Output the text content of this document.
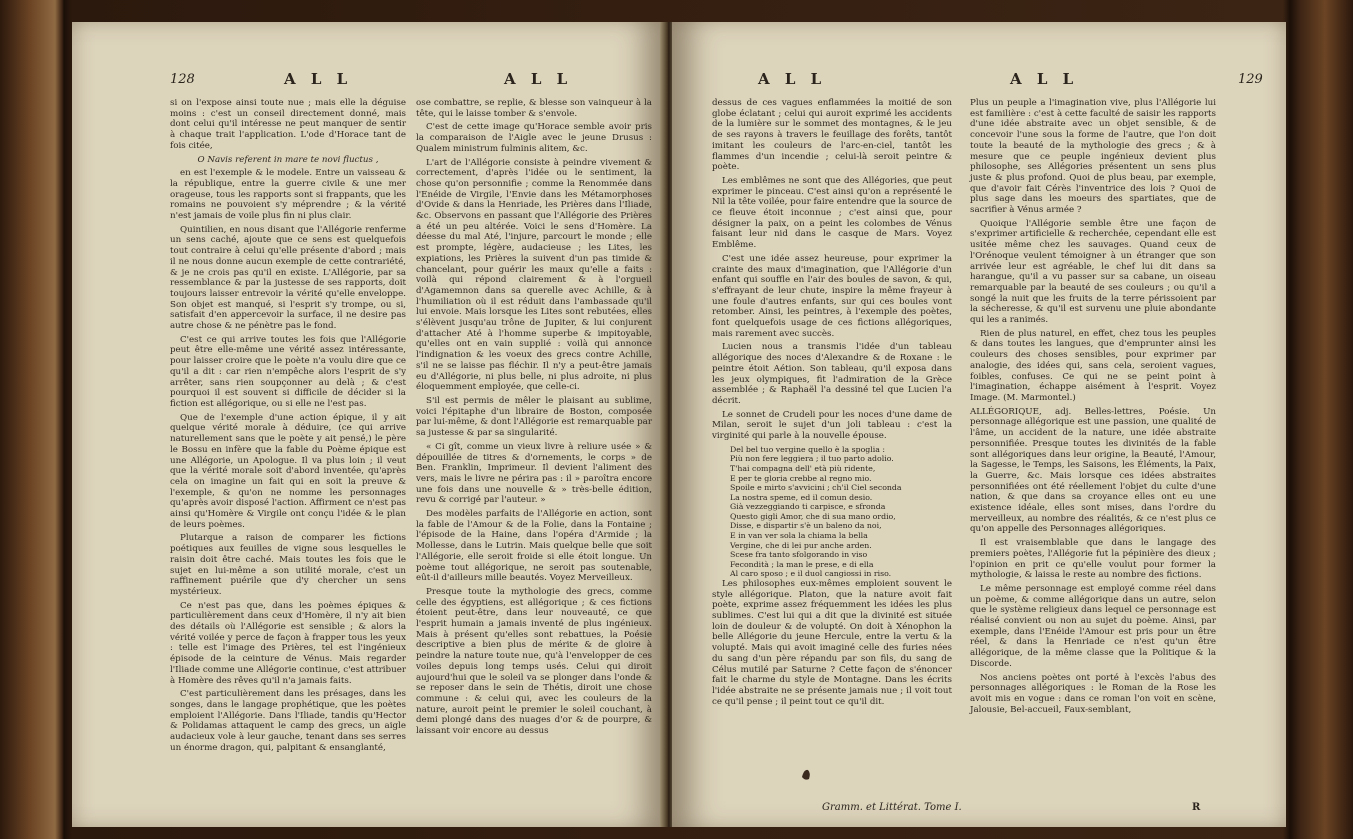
128	A L L	A L L

si on l'expose ainsi toute nue ; mais elle la déguise moins : c'est un conseil directement donné, mais dont celui qu'il intéresse ne peut manquer de sentir à chaque trait l'application. L'ode d'Horace tant de fois citée,

O Navis referent in mare te novi fluctus ,

en est l'exemple & le modele. Entre un vaisseau & la république, entre la guerre civile & une mer orageuse, tous les rapports sont si frappants, que les romains ne pouvoient s'y méprendre ; & la vérité n'est jamais de voile plus fin ni plus clair.

Quintilien, en nous disant que l'Allégorie renferme un sens caché, ajoute que ce sens est quelquefois tout contraire à celui qu'elle présente d'abord ; mais il ne nous donne aucun exemple de cette contrariété, & je ne crois pas qu'il en existe. L'Allégorie, par sa ressemblance & par la justesse de ses rapports, doit toujours laisser entrevoir la vérité qu'elle enveloppe. Son objet est manqué, si l'esprit s'y trompe, ou si, satisfait d'en appercevoir la surface, il ne desire pas autre chose & ne pénètre pas le fond.

C'est ce qui arrive toutes les fois que l'Allégorie peut être elle-même une vérité assez intéressante, pour laisser croire que le poète n'a voulu dire que ce qu'il a dit : car rien n'empêche alors l'esprit de s'y arrêter, sans rien soupçonner au delà ; & c'est pourquoi il est souvent si difficile de décider si la fiction est allégorique, ou si elle ne l'est pas.

Que de l'exemple d'une action épique, il y ait quelque vérité morale à déduire, (ce qui arrive naturellement sans que le poète y ait pensé,) le père le Bossu en infère que la fable du Poème épique est une Allégorie, un Apologue. Il va plus loin ; il veut que la vérité morale soit d'abord inventée, qu'après cela on imagine un fait qui en soit la preuve & l'exemple, & qu'on ne nomme les personnages qu'après avoir disposé l'action. Affirment ce n'est pas ainsi qu'Homère & Virgile ont conçu l'idée & le plan de leurs poèmes.

Plutarque a raison de comparer les fictions poétiques aux feuilles de vigne sous lesquelles le raisin doit être caché. Mais toutes les fois que le sujet en lui-même a son utilité morale, c'est un raffinement puérile que d'y chercher un sens mystérieux.

Ce n'est pas que, dans les poèmes épiques & particulièrement dans ceux d'Homère, il n'y ait bien des détails où l'Allégorie est sensible ; & alors la vérité voilée y perce de façon à frapper tous les yeux : telle est l'image des Prières, tel est l'ingénieux épisode de la ceinture de Vénus. Mais regarder l'Iliade comme une Allégorie continue, c'est attribuer à Homère des rêves qu'il n'a jamais faits.

C'est particulièrement dans les présages, dans les songes, dans le langage prophétique, que les poètes emploient l'Allégorie. Dans l'Iliade, tandis qu'Hector & Polidamas attaquent le camp des grecs, un aigle audacieux vole à leur gauche, tenant dans ses serres un énorme dragon, qui, palpitant & ensanglanté,

ose combattre, se replie, & blesse son vainqueur à la tête, qui le laisse tomber & s'envole.

C'est de cette image qu'Horace semble avoir pris la comparaison de l'Aigle avec le jeune Drusus : Qualem ministrum fulminis alitem, &c.

L'art de l'Allégorie consiste à peindre vivement & correctement, d'après l'idée ou le sentiment, la chose qu'on personnifie ; comme la Renommée dans l'Enéide de Virgile, l'Envie dans les Métamorphoses d'Ovide & dans la Henriade, les Prières dans l'Iliade, &c. Observons en passant que l'Allégorie des Prières a été un peu altérée. Voici le sens d'Homère. La déesse du mal Até, l'injure, parcourt le monde ; elle est prompte, légère, audacieuse ; les Lites, les expiations, les Prières la suivent d'un pas timide & chancelant, pour guérir les maux qu'elle a faits : voilà qui répond clairement & à l'orgueil d'Agamemnon dans sa querelle avec Achille, & à l'humiliation où il est réduit dans l'ambassade qu'il lui envoie. Mais lorsque les Lites sont rebutées, elles s'élèvent jusqu'au trône de Jupiter, & lui conjurent d'attacher Até à l'homme superbe & impitoyable, qu'elles ont en vain supplié : voilà qui annonce l'indignation & les voeux des grecs contre Achille, s'il ne se laisse pas fléchir. Il n'y a peut-être jamais eu d'Allégorie, ni plus belle, ni plus adroite, ni plus éloquemment employée, que celle-ci.

S'il est permis de mêler le plaisant au sublime, voici l'épitaphe d'un libraire de Boston, composée par lui-même, & dont l'Allégorie est remarquable par sa justesse & par sa singularité.

« Ci gît, comme un vieux livre à reliure usée » & dépouillée de titres & d'ornements, le corps » de Ben. Franklin, Imprimeur. Il devient l'aliment des vers, mais le livre ne périra pas : il » paroîtra encore une fois dans une nouvelle & » très-belle édition, revu & corrigé par l'auteur. »

Des modèles parfaits de l'Allégorie en action, sont la fable de l'Amour & de la Folie, dans la Fontaine ; l'épisode de la Haine, dans l'opéra d'Armide ; la Mollesse, dans le Lutrin. Mais quelque belle que soit l'Allégorie, elle seroit froide si elle étoit longue. Un poème tout allégorique, ne seroit pas soutenable, eût-il d'ailleurs mille beautés. Voyez Merveilleux.

Presque toute la mythologie des grecs, comme celle des égyptiens, est allégorique ; & ces fictions étoient peut-être, dans leur nouveauté, ce que l'esprit humain a jamais inventé de plus ingénieux. Mais à présent qu'elles sont rebattues, la Poésie descriptive a bien plus de mérite & de gloire à peindre la nature toute nue, qu'à l'envelopper de ces voiles depuis long temps usés. Celui qui diroit aujourd'hui que le soleil va se plonger dans l'onde & se reposer dans le sein de Thétis, diroit une chose commune : & celui qui, avec les couleurs de la nature, auroit peint le premier le soleil couchant, à demi plongé dans des nuages d'or & de pourpre, & laissant voir encore au dessus

A L L	A L L	129

dessus de ces vagues enflammées la moitié de son globe éclatant ; celui qui auroit exprimé les accidents de la lumière sur le sommet des montagnes, & le jeu de ses rayons à travers le feuillage des forêts, tantôt imitant les couleurs de l'arc-en-ciel, tantôt les flammes d'un incendie ; celui-là seroit peintre & poète.

Les emblêmes ne sont que des Allégories, que peut exprimer le pinceau. C'est ainsi qu'on a représenté le Nil la tête voilée, pour faire entendre que la source de ce fleuve étoit inconnue ; c'est ainsi que, pour désigner la paix, on a peint les colombes de Vénus faisant leur nid dans le casque de Mars. Voyez Emblême.

C'est une idée assez heureuse, pour exprimer la crainte des maux d'imagination, que l'Allégorie d'un enfant qui souffle en l'air des boules de savon, & qui, s'effrayant de leur chute, inspire la même frayeur à une foule d'autres enfants, sur qui ces boules vont retomber. Ainsi, les peintres, à l'exemple des poètes, font quelquefois usage de ces fictions allégoriques, mais rarement avec succès.

Lucien nous a transmis l'idée d'un tableau allégorique des noces d'Alexandre & de Roxane : le peintre étoit Aétion. Son tableau, qu'il exposa dans les jeux olympiques, fit l'admiration de la Grèce assemblée ; & Raphaël l'a dessiné tel que Lucien l'a décrit.

Le sonnet de Crudeli pour les noces d'une dame de Milan, seroit le sujet d'un joli tableau : c'est la virginité qui parle à la nouvelle épouse.

Del bel tuo vergine quello è la spoglia :
Più non fere leggiera ; il tuo parto adolio.
T'hai compagna dell' età più ridente,
E per te gloria crebbe al regno mio.
Spoile e mirto s'avvicini ; ch'il Ciel seconda
La nostra speme, ed il comun desio.
Già vezzeggiando ti carpisce, e sfronda
Questo gigli Amor, che di sua mano ordio,
Disse, e dispartir s'è un baleno da noi,
E in van ver sola la chiama la bella
Vergine, che di lei pur anche arden.
Scese fra tanto sfolgorando in viso
Fecondità ; la man le prese, e di ella
Al caro sposo ; e il duol cangiossi in riso.

Les philosophes eux-mêmes emploient souvent le style allégorique. Platon, que la nature avoit fait poète, exprime assez fréquemment les idées les plus sublimes. C'est lui qui a dit que la divinité est située loin de douleur & de volupté. On doit à Xénophon la belle Allégorie du jeune Hercule, entre la vertu & la volupté. Mais qui avoit imaginé celle des furies nées du sang d'un père répandu par son fils, du sang de Célus mutilé par Saturne ? Cette façon de s'énoncer fait le charme du style de Montagne. Dans les écrits l'idée abstraite ne se présente jamais nue ; il voit tout ce qu'il pense ; il peint tout ce qu'il dit.

Plus un peuple a l'imagination vive, plus l'Allégorie lui est familière : c'est à cette faculté de saisir les rapports d'une idée abstraite avec un objet sensible, & de concevoir l'une sous la forme de l'autre, que l'on doit toute la beauté de la mythologie des grecs ; & à mesure que ce peuple ingénieux devient plus philosophe, ses Allégories présentent un sens plus juste & plus profond. Quoi de plus beau, par exemple, que d'avoir fait Cérès l'inventrice des lois ? Quoi de plus sage dans les moeurs des spartiates, que de sacrifier à Vénus armée ?

Quoique l'Allégorie semble être une façon de s'exprimer artificielle & recherchée, cependant elle est usitée même chez les sauvages. Quand ceux de l'Orénoque veulent témoigner à un étranger que son arrivée leur est agréable, le chef lui dit dans sa harangue, qu'il a vu passer sur sa cabane, un oiseau remarquable par la beauté de ses couleurs ; ou qu'il a songé la nuit que les fruits de la terre périssoient par la sécheresse, & qu'il est survenu une pluie abondante qui les a ranimés.

Rien de plus naturel, en effet, chez tous les peuples & dans toutes les langues, que d'emprunter ainsi les couleurs des choses sensibles, pour exprimer par analogie, des idées qui, sans cela, seroient vagues, foibles, confuses. Ce qui ne se peint point à l'imagination, échappe aisément à l'esprit. Voyez Image. (M. Marmontel.)

ALLÉGORIQUE, adj. Belles-lettres, Poésie. Un personnage allégorique est une passion, une qualité de l'âme, un accident de la nature, une idée abstraite personnifiée. Presque toutes les divinités de la fable sont allégoriques dans leur origine, la Beauté, l'Amour, la Sagesse, le Temps, les Saisons, les Éléments, la Paix, la Guerre, &c. Mais lorsque ces idées abstraites personnifiées ont été réellement l'objet du culte d'une nation, & que dans sa croyance elles ont eu une existence idéale, elles sont mises, dans l'ordre du merveilleux, au nombre des réalités, & ce n'est plus ce qu'on appelle des Personnages allégoriques.

Il est vraisemblable que dans le langage des premiers poètes, l'Allégorie fut la pépinière des dieux ; l'opinion en prit ce qu'elle voulut pour former la mythologie, & laissa le reste au nombre des fictions.

Le même personnage est employé comme réel dans un poème, & comme allégorique dans un autre, selon que le système religieux dans lequel ce personnage est réalisé convient ou non au sujet du poème. Ainsi, par exemple, dans l'Enéide l'Amour est pris pour un être réel, & dans la Henriade ce n'est qu'un être allégorique, de la même classe que la Politique & la Discorde.

Nos anciens poètes ont porté à l'excès l'abus des personnages allégoriques : le Roman de la Rose les avoit mis en vogue : dans ce roman l'on voit en scène, Jalousie, Bel-accueil, Faux-semblant,

Gramm. et Littérat. Tome I.	R
